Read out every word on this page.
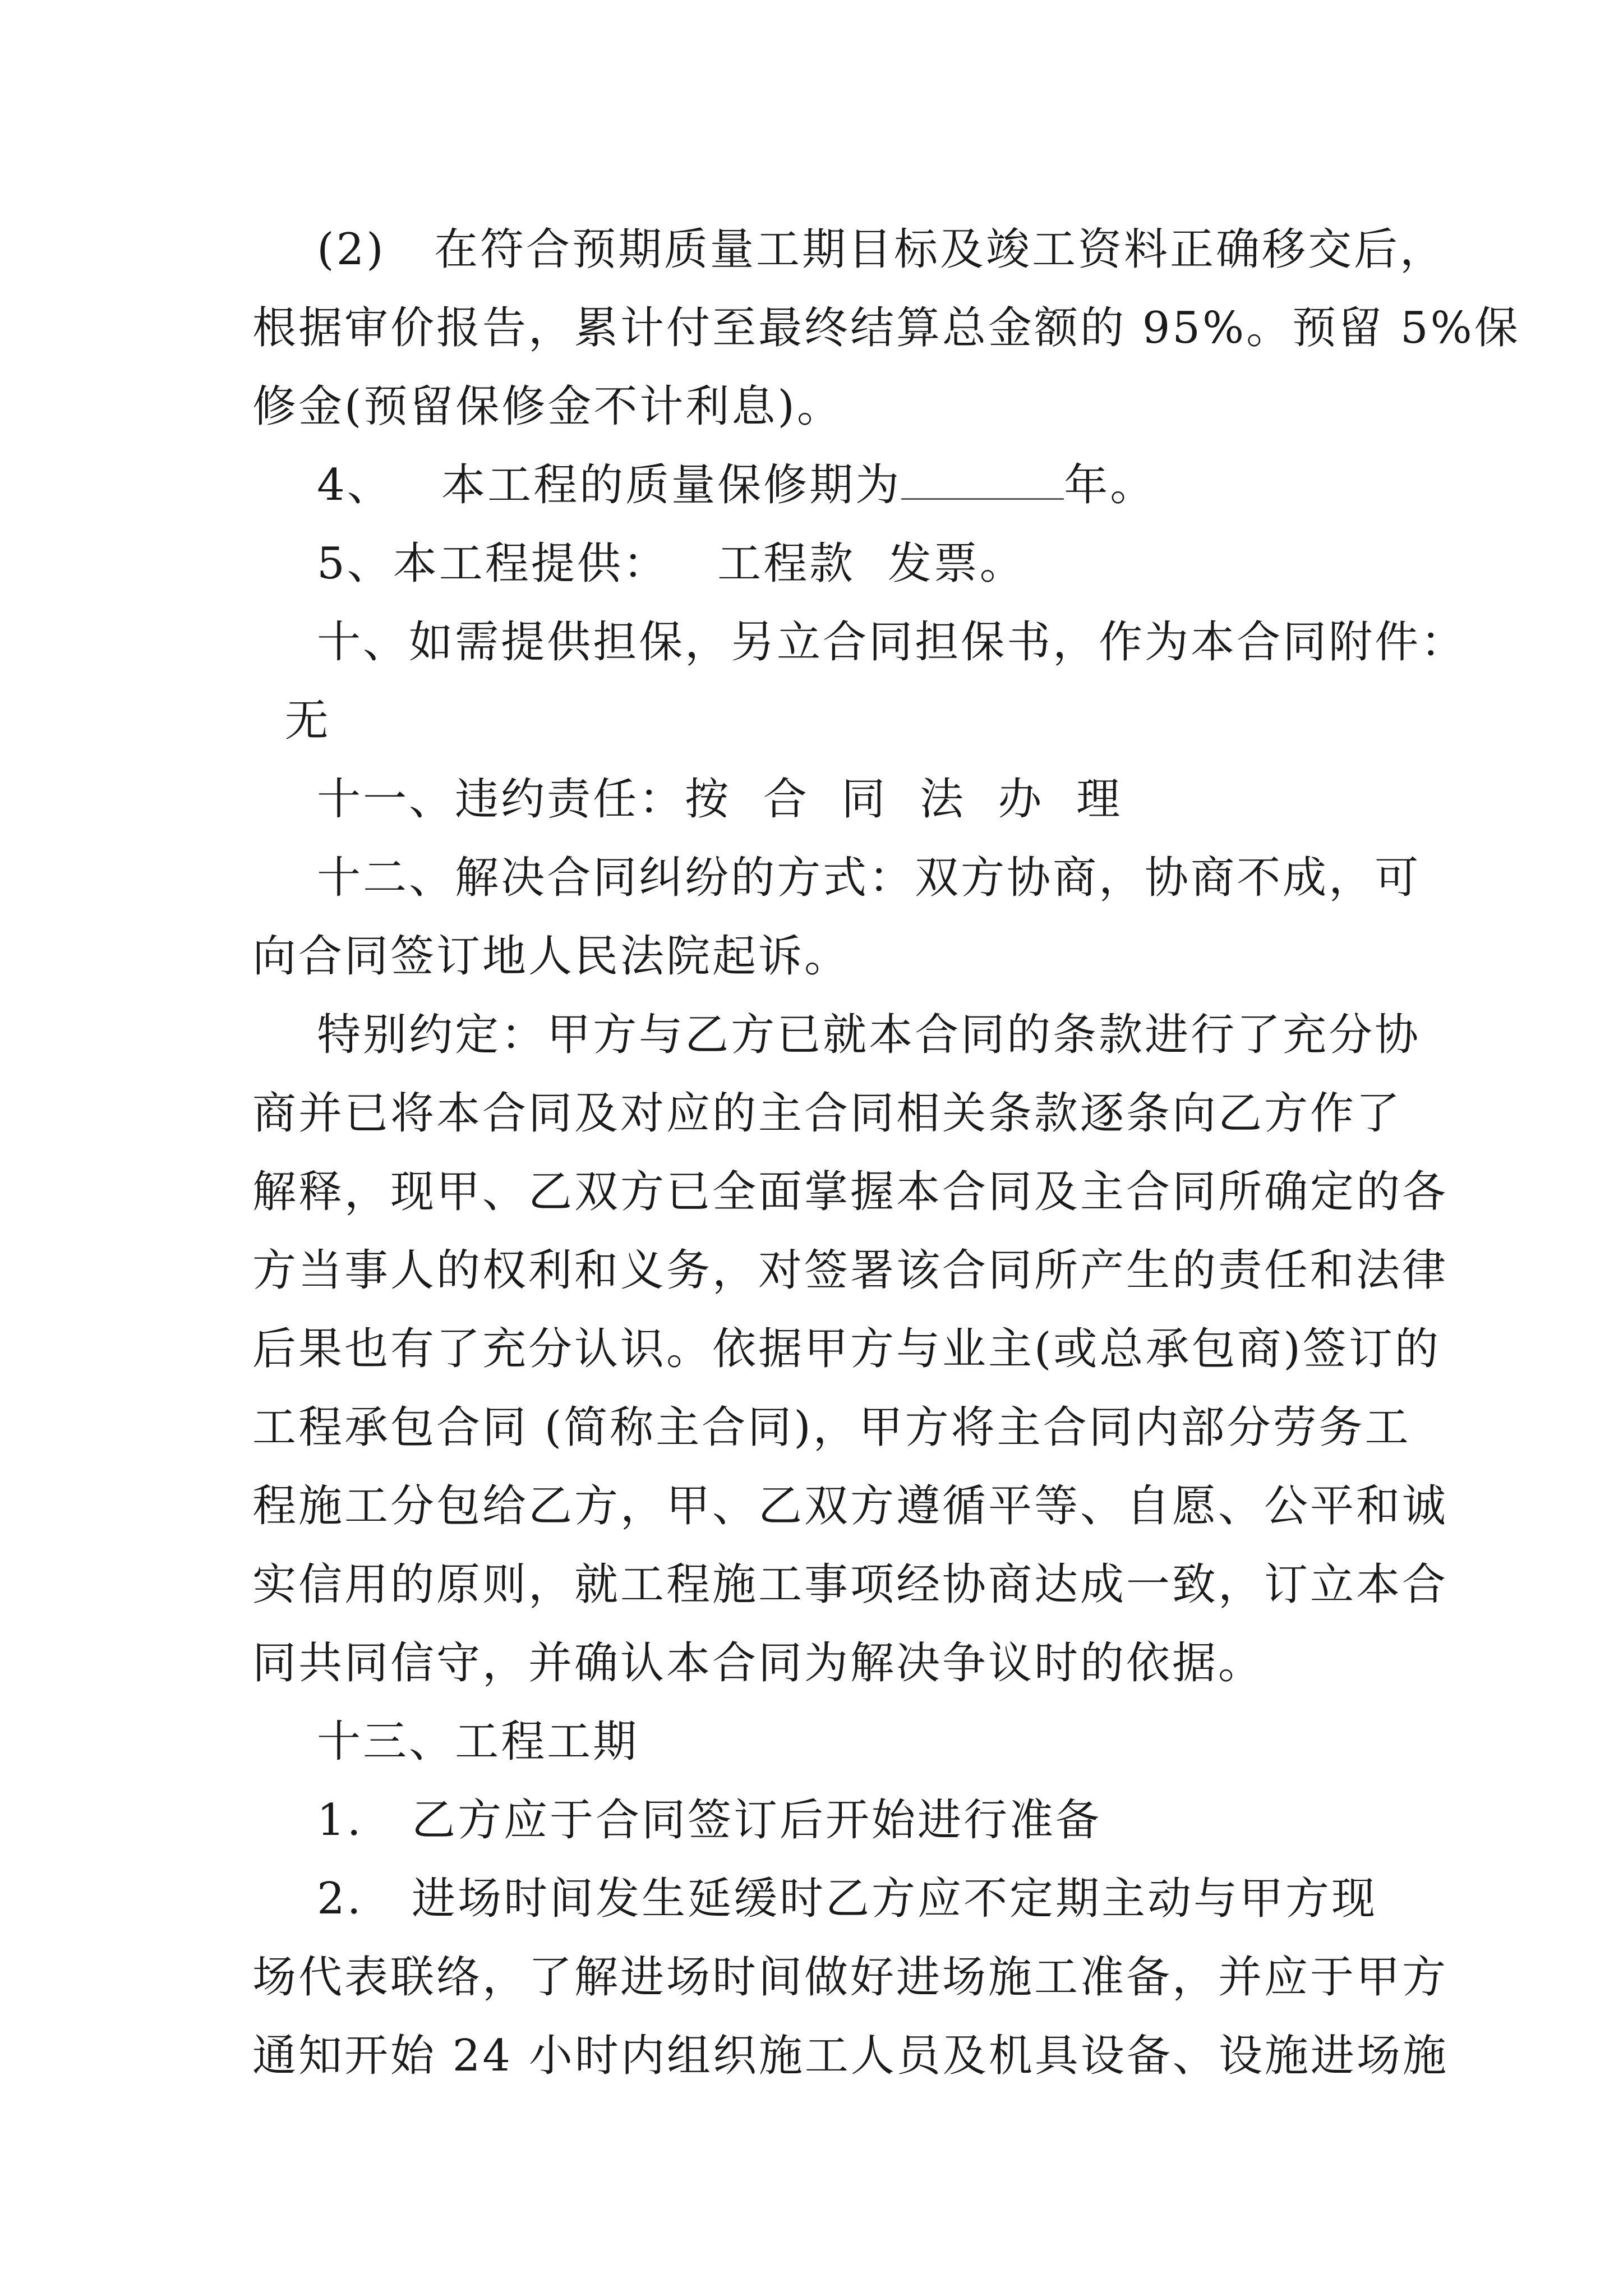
(2)   在符合预期质量工期目标及竣工资料正确移交后，
根据审价报告，累计付至最终结算总金额的 95%。预留 5%保
修金(预留保修金不计利息)。
4、   本工程的质量保修期为	年。
5、本工程提供：   工程款  发票。
十、如需提供担保，另立合同担保书，作为本合同附件：
无
十一、违约责任：按  合  同  法  办  理
十二、解决合同纠纷的方式：双方协商，协商不成，可
向合同签订地人民法院起诉。
特别约定：甲方与乙方已就本合同的条款进行了充分协
商并已将本合同及对应的主合同相关条款逐条向乙方作了
解释，现甲、乙双方已全面掌握本合同及主合同所确定的各
方当事人的权利和义务，对签署该合同所产生的责任和法律
后果也有了充分认识。依据甲方与业主(或总承包商)签订的
工程承包合同 (简称主合同)，甲方将主合同内部分劳务工
程施工分包给乙方，甲、乙双方遵循平等、自愿、公平和诚
实信用的原则，就工程施工事项经协商达成一致，订立本合
同共同信守，并确认本合同为解决争议时的依据。
十三、工程工期
1.   乙方应于合同签订后开始进行准备
2.   进场时间发生延缓时乙方应不定期主动与甲方现
场代表联络，了解进场时间做好进场施工准备，并应于甲方
通知开始 24 小时内组织施工人员及机具设备、设施进场施
